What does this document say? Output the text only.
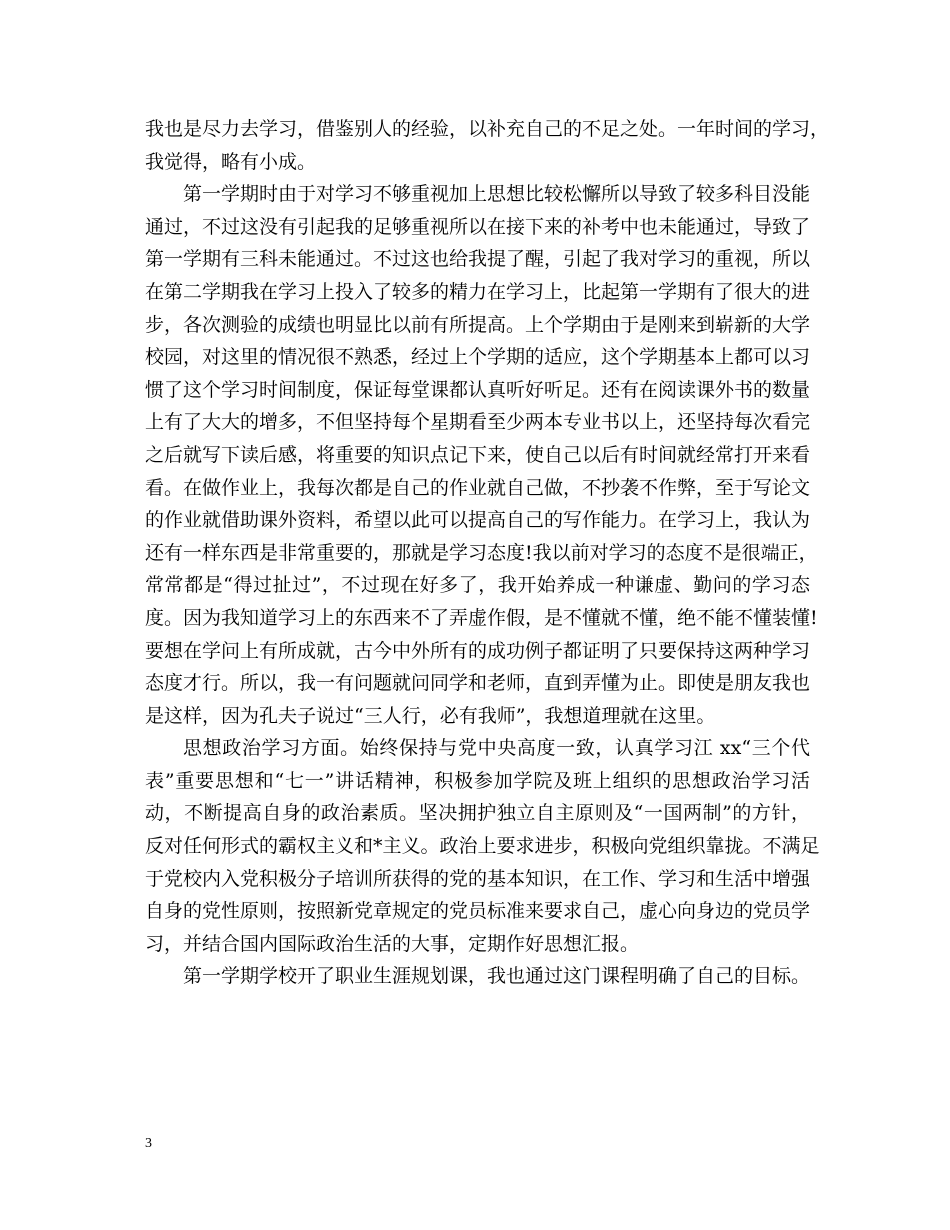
我也是尽力去学习，借鉴别人的经验，以补充自己的不足之处。一年时间的学习，
我觉得，略有小成。
第一学期时由于对学习不够重视加上思想比较松懈所以导致了较多科目没能
通过，不过这没有引起我的足够重视所以在接下来的补考中也未能通过，导致了
第一学期有三科未能通过。不过这也给我提了醒，引起了我对学习的重视，所以
在第二学期我在学习上投入了较多的精力在学习上，比起第一学期有了很大的进
步，各次测验的成绩也明显比以前有所提高。上个学期由于是刚来到崭新的大学
校园，对这里的情况很不熟悉，经过上个学期的适应，这个学期基本上都可以习
惯了这个学习时间制度，保证每堂课都认真听好听足。还有在阅读课外书的数量
上有了大大的增多，不但坚持每个星期看至少两本专业书以上，还坚持每次看完
之后就写下读后感，将重要的知识点记下来，使自己以后有时间就经常打开来看
看。在做作业上，我每次都是自己的作业就自己做，不抄袭不作弊，至于写论文
的作业就借助课外资料，希望以此可以提高自己的写作能力。在学习上，我认为
还有一样东西是非常重要的，那就是学习态度!我以前对学习的态度不是很端正，
常常都是“得过扯过”，不过现在好多了，我开始养成一种谦虚、勤问的学习态
度。因为我知道学习上的东西来不了弄虚作假，是不懂就不懂，绝不能不懂装懂!
要想在学问上有所成就，古今中外所有的成功例子都证明了只要保持这两种学习
态度才行。所以，我一有问题就问同学和老师，直到弄懂为止。即使是朋友我也
是这样，因为孔夫子说过“三人行，必有我师”，我想道理就在这里。
思想政治学习方面。始终保持与党中央高度一致，认真学习江 xx“三个代
表”重要思想和“七一”讲话精神，积极参加学院及班上组织的思想政治学习活
动，不断提高自身的政治素质。坚决拥护独立自主原则及“一国两制”的方针，
反对任何形式的霸权主义和*主义。政治上要求进步，积极向党组织靠拢。不满足
于党校内入党积极分子培训所获得的党的基本知识，在工作、学习和生活中增强
自身的党性原则，按照新党章规定的党员标准来要求自己，虚心向身边的党员学
习，并结合国内国际政治生活的大事，定期作好思想汇报。
第一学期学校开了职业生涯规划课，我也通过这门课程明确了自己的目标。
3
